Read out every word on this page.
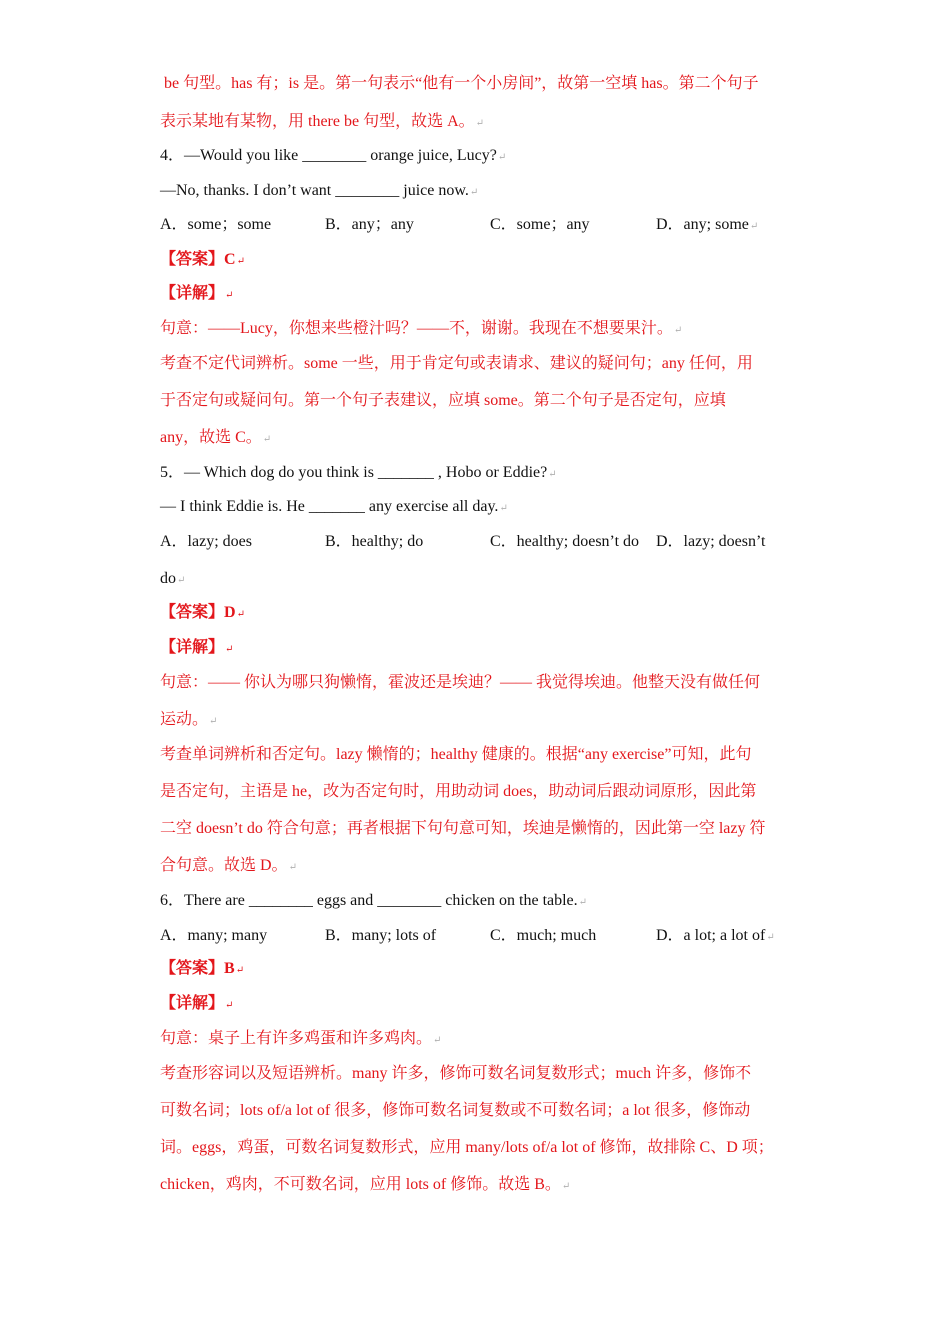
be 句型。has 有；is 是。第一句表示“他有一个小房间”，故第一空填 has。第二个句子
表示某地有某物，用 there be 句型，故选 A。↵
4．—Would you like ________ orange juice, Lucy?↵
—No, thanks. I don’t want ________ juice now.↵
A．some；some	B．any；any	C．some；any	D．any; some↵
【答案】C↵
【详解】↵
句意：——Lucy，你想来些橙汁吗？——不，谢谢。我现在不想要果汁。↵
考查不定代词辨析。some 一些，用于肯定句或表请求、建议的疑问句；any 任何，用
于否定句或疑问句。第一个句子表建议，应填 some。第二个句子是否定句，应填
any，故选 C。↵
5．— Which dog do you think is _______ , Hobo or Eddie?↵
— I think Eddie is. He _______ any exercise all day.↵
A．lazy; does	B．healthy; do	C．healthy; doesn’t do D．lazy; doesn’t
do↵
【答案】D↵
【详解】↵
句意：—— 你认为哪只狗懒惰，霍波还是埃迪？—— 我觉得埃迪。他整天没有做任何
运动。↵
考查单词辨析和否定句。lazy 懒惰的；healthy 健康的。根据“any exercise”可知，此句
是否定句，主语是 he，改为否定句时，用助动词 does，助动词后跟动词原形，因此第
二空 doesn’t do 符合句意；再者根据下句句意可知，埃迪是懒惰的，因此第一空 lazy 符
合句意。故选 D。↵
6．There are ________ eggs and ________ chicken on the table.↵
A．many; many	B．many; lots of	C．much; much	D．a lot; a lot of↵
【答案】B↵
【详解】↵
句意：桌子上有许多鸡蛋和许多鸡肉。↵
考查形容词以及短语辨析。many 许多，修饰可数名词复数形式；much 许多，修饰不
可数名词；lots of/a lot of 很多，修饰可数名词复数或不可数名词；a lot 很多，修饰动
词。eggs，鸡蛋，可数名词复数形式，应用 many/lots of/a lot of 修饰，故排除 C、D 项；
chicken，鸡肉，不可数名词，应用 lots of 修饰。故选 B。↵
